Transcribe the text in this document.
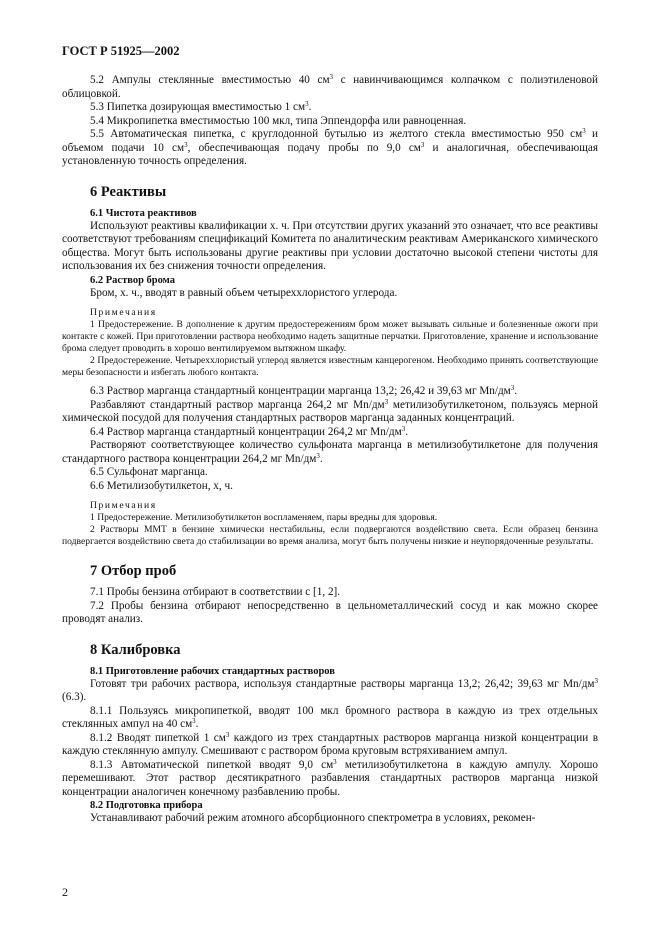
ГОСТ Р 51925—2002

5.2 Ампулы стеклянные вместимостью 40 $см^3$ с навинчивающимся колпачком с полиэтиленовой облицовкой.

5.3 Пипетка дозирующая вместимостью 1 $см^3$.

5.4 Микропипетка вместимостью 100 мкл, типа Эппендорфа или равноценная.

5.5 Автоматическая пипетка, с круглодонной бутылью из желтого стекла вместимостью 950 $см^3$ и объемом подачи 10 $см^3$, обеспечивающая подачу пробы по 9,0 $см^3$ и аналогичная, обеспечивающая установленную точность определения.

6 Реактивы
6.1 Чистота реактивов

Используют реактивы квалификации х. ч. При отсутствии других указаний это означает, что все реактивы соответствуют требованиям спецификаций Комитета по аналитическим реактивам Американского химического общества. Могут быть использованы другие реактивы при условии достаточно высокой степени чистоты для использования их без снижения точности определения.

6.2 Раствор брома

Бром, х. ч., вводят в равный объем четыреххлористого углерода.

Примечания

1 Предостережение. В дополнение к другим предостережениям бром может вызывать сильные и болезненные ожоги при контакте с кожей. При приготовлении раствора необходимо надеть защитные перчатки. Приготовление, хранение и использование брома следует проводить в хорошо вентилируемом вытяжном шкафу.

2 Предостережение. Четыреххлористый углерод является известным канцерогеном. Необходимо принять соответствующие меры безопасности и избегать любого контакта.

6.3 Раствор марганца стандартный концентрации марганца 13,2; 26,42 и 39,63 мг $Mn/дм^3$.

Разбавляют стандартный раствор марганца 264,2 мг $Mn/дм^3$ метилизобутилкетоном, пользуясь мерной химической посудой для получения стандартных растворов марганца заданных концентраций.

6.4 Раствор марганца стандартный концентрации 264,2 мг $Mn/дм^3$.

Растворяют соответствующее количество сульфоната марганца в метилизобутилкетоне для получения стандартного раствора концентрации 264,2 мг $Mn/дм^3$.

6.5 Сульфонат марганца.

6.6 Метилизобутилкетон, х, ч.

Примечания

1 Предостережение. Метилизобутилкетон воспламеняем, пары вредны для здоровья.

2 Растворы ММТ в бензине химически нестабильны, если подвергаются воздействию света. Если образец бензина подвергается воздействию света до стабилизации во время анализа, могут быть получены низкие и неупорядоченные результаты.

7 Отбор проб

7.1 Пробы бензина отбирают в соответствии с [1, 2].

7.2 Пробы бензина отбирают непосредственно в цельнометаллический сосуд и как можно скорее проводят анализ.

8 Калибровка
8.1 Приготовление рабочих стандартных растворов

Готовят три рабочих раствора, используя стандартные растворы марганца 13,2; 26,42; 39,63 мг $Mn/дм^3$ (6.3).

8.1.1 Пользуясь микропипеткой, вводят 100 мкл бромного раствора в каждую из трех отдельных стеклянных ампул на 40 $см^3$.

8.1.2 Вводят пипеткой 1 $см^3$ каждого из трех стандартных растворов марганца низкой концентрации в каждую стеклянную ампулу. Смешивают с раствором брома круговым встряхиванием ампул.

8.1.3 Автоматической пипеткой вводят 9,0 $см^3$ метилизобутилкетона в каждую ампулу. Хорошо перемешивают. Этот раствор десятикратного разбавления стандартных растворов марганца низкой концентрации аналогичен конечному разбавлению пробы.

8.2 Подготовка прибора

Устанавливают рабочий режим атомного абсорбционного спектрометра в условиях, рекомен-

2
